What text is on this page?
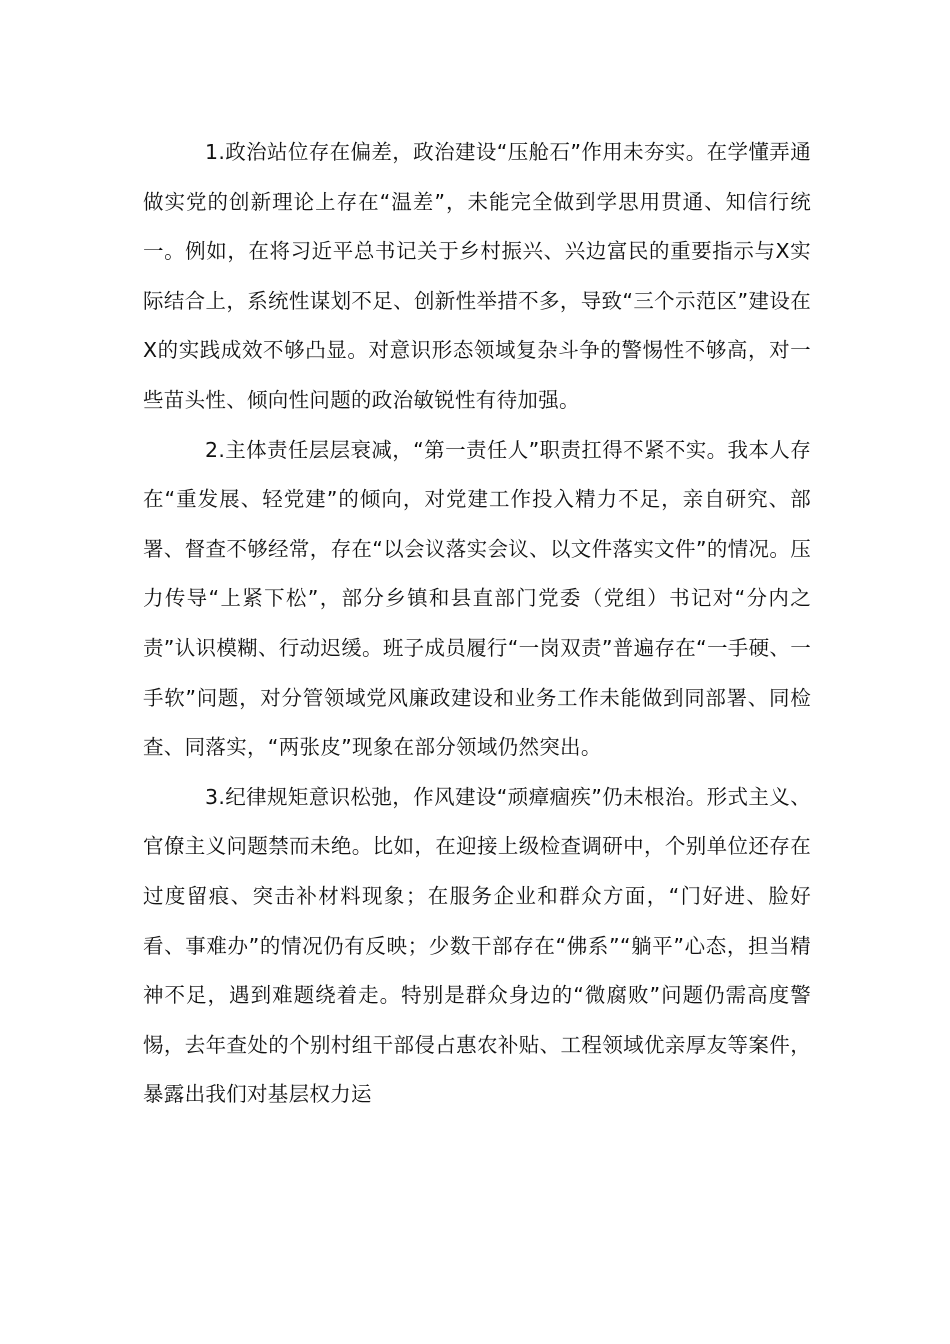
1.政治站位存在偏差，政治建设“压舱石”作用未夯实。在学懂弄通做实党的创新理论上存在“温差”，未能完全做到学思用贯通、知信行统一。例如，在将习近平总书记关于乡村振兴、兴边富民的重要指示与X实际结合上，系统性谋划不足、创新性举措不多，导致“三个示范区”建设在X的实践成效不够凸显。对意识形态领域复杂斗争的警惕性不够高，对一些苗头性、倾向性问题的政治敏锐性有待加强。

2.主体责任层层衰减，“第一责任人”职责扛得不紧不实。我本人存在“重发展、轻党建”的倾向，对党建工作投入精力不足，亲自研究、部署、督查不够经常，存在“以会议落实会议、以文件落实文件”的情况。压力传导“上紧下松”，部分乡镇和县直部门党委（党组）书记对“分内之责”认识模糊、行动迟缓。班子成员履行“一岗双责”普遍存在“一手硬、一手软”问题，对分管领域党风廉政建设和业务工作未能做到同部署、同检查、同落实，“两张皮”现象在部分领域仍然突出。

3.纪律规矩意识松弛，作风建设“顽瘴痼疾”仍未根治。形式主义、官僚主义问题禁而未绝。比如，在迎接上级检查调研中，个别单位还存在过度留痕、突击补材料现象；在服务企业和群众方面，“门好进、脸好看、事难办”的情况仍有反映；少数干部存在“佛系”“躺平”心态，担当精神不足，遇到难题绕着走。特别是群众身边的“微腐败”问题仍需高度警惕，去年查处的个别村组干部侵占惠农补贴、工程领域优亲厚友等案件，暴露出我们对基层权力运
